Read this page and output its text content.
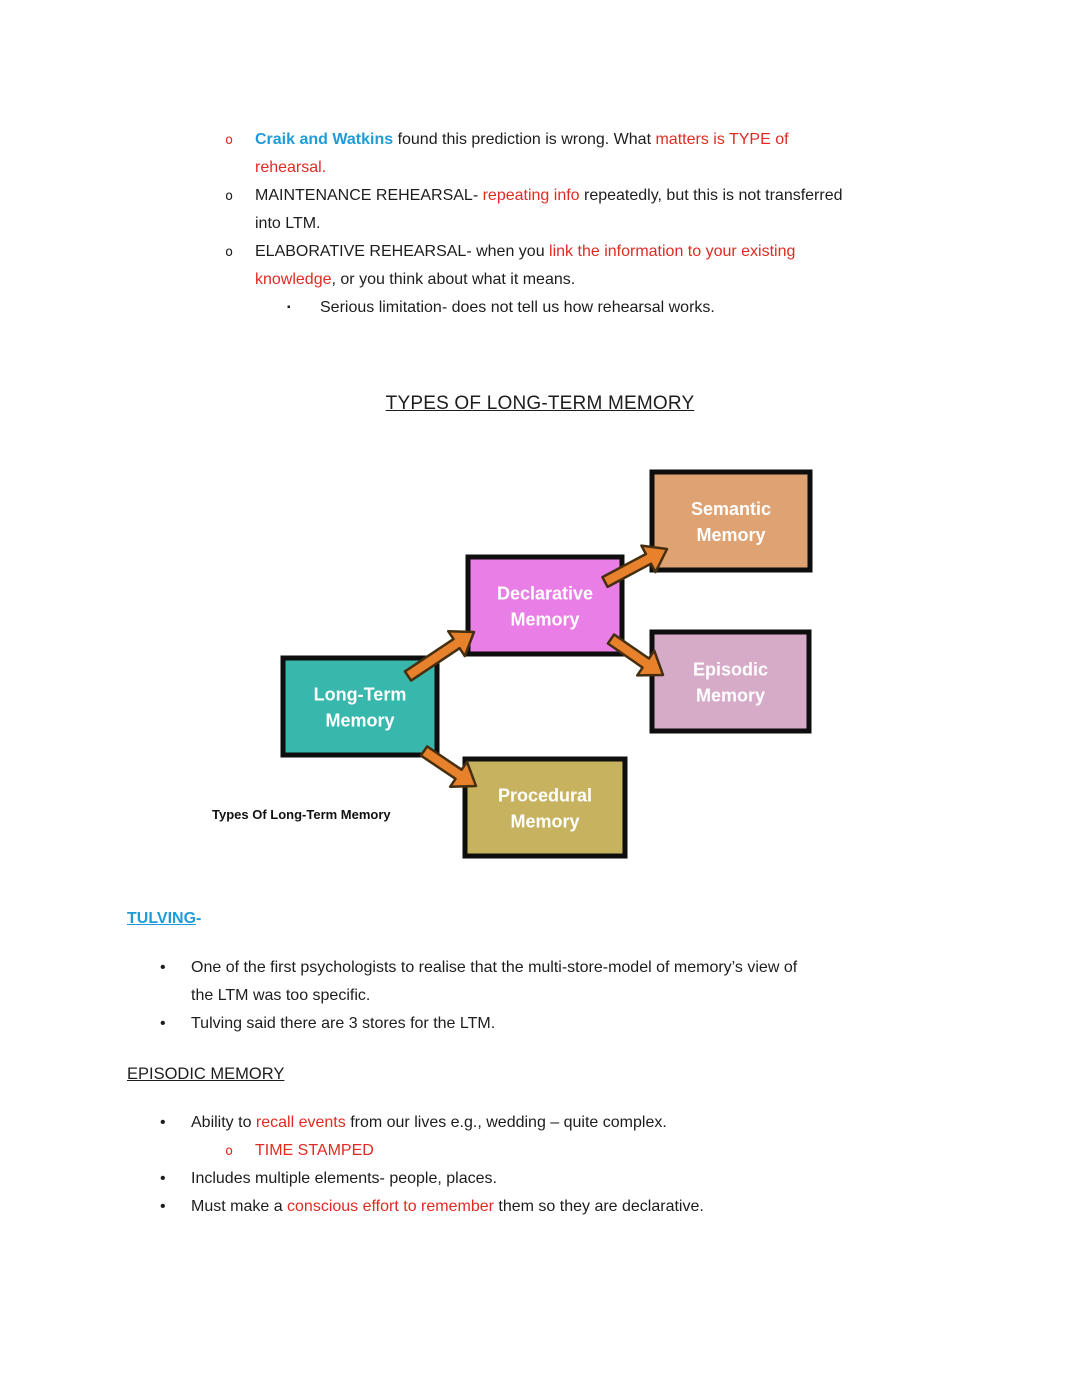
o	Craik and Watkins found this prediction is wrong. What matters is TYPE of
rehearsal.
o	MAINTENANCE REHEARSAL- repeating info repeatedly, but this is not transferred
into LTM.
o	ELABORATIVE REHEARSAL- when you link the information to your existing
knowledge, or you think about what it means.
▪	Serious limitation- does not tell us how rehearsal works.
TYPES OF LONG-TERM MEMORY
Long-Term
Memory
Declarative
Memory
Semantic
Memory
Episodic
Memory
Procedural
Memory
Types Of Long-Term Memory
TULVING-
•	One of the first psychologists to realise that the multi-store-model of memory’s view of
the LTM was too specific.
•	Tulving said there are 3 stores for the LTM.
EPISODIC MEMORY
•	Ability to recall events from our lives e.g., wedding – quite complex.
o	TIME STAMPED
•	Includes multiple elements- people, places.
•	Must make a conscious effort to remember them so they are declarative.
